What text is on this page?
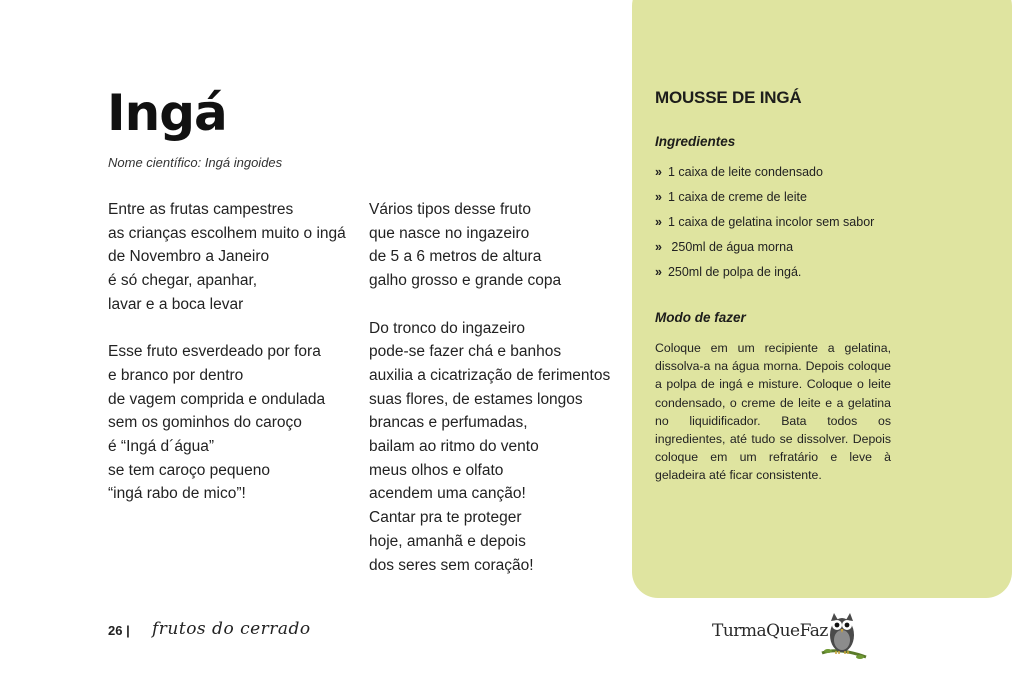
Ingá
Nome científico: Ingá ingoides
Entre as frutas campestres
as crianças escolhem muito o ingá
de Novembro a Janeiro
é só chegar, apanhar,
lavar e a boca levar
Esse fruto esverdeado por fora
e branco por dentro
de vagem comprida e ondulada
sem os gominhos do caroço
é “Ingá d´água”
se tem caroço pequeno
“ingá rabo de mico”!
Vários tipos desse fruto
que nasce no ingazeiro
de 5 a 6 metros de altura
galho grosso e grande copa
Do tronco do ingazeiro
pode-se fazer chá e banhos
auxilia a cicatrização de ferimentos
suas flores, de estames longos
brancas e perfumadas,
bailam ao ritmo do vento
meus olhos e olfato
acendem uma canção!
Cantar pra te proteger
hoje, amanhã e depois
dos seres sem coração!
MOUSSE DE INGÁ
Ingredientes
» 1 caixa de leite condensado
» 1 caixa de creme de leite
» 1 caixa de gelatina incolor sem sabor
» 250ml de água morna
» 250ml de polpa de ingá.
Modo de fazer
Coloque em um recipiente a gelatina, dissolva-a na água morna. Depois coloque a polpa de ingá e misture. Coloque o leite condensado, o creme de leite e a gelatina no liquidificador. Bata todos os ingredientes, até tudo se dissolver. Depois coloque em um refratário e leve à geladeira até ficar consistente.
26 | frutos do cerrado	TurmaQueFaz
